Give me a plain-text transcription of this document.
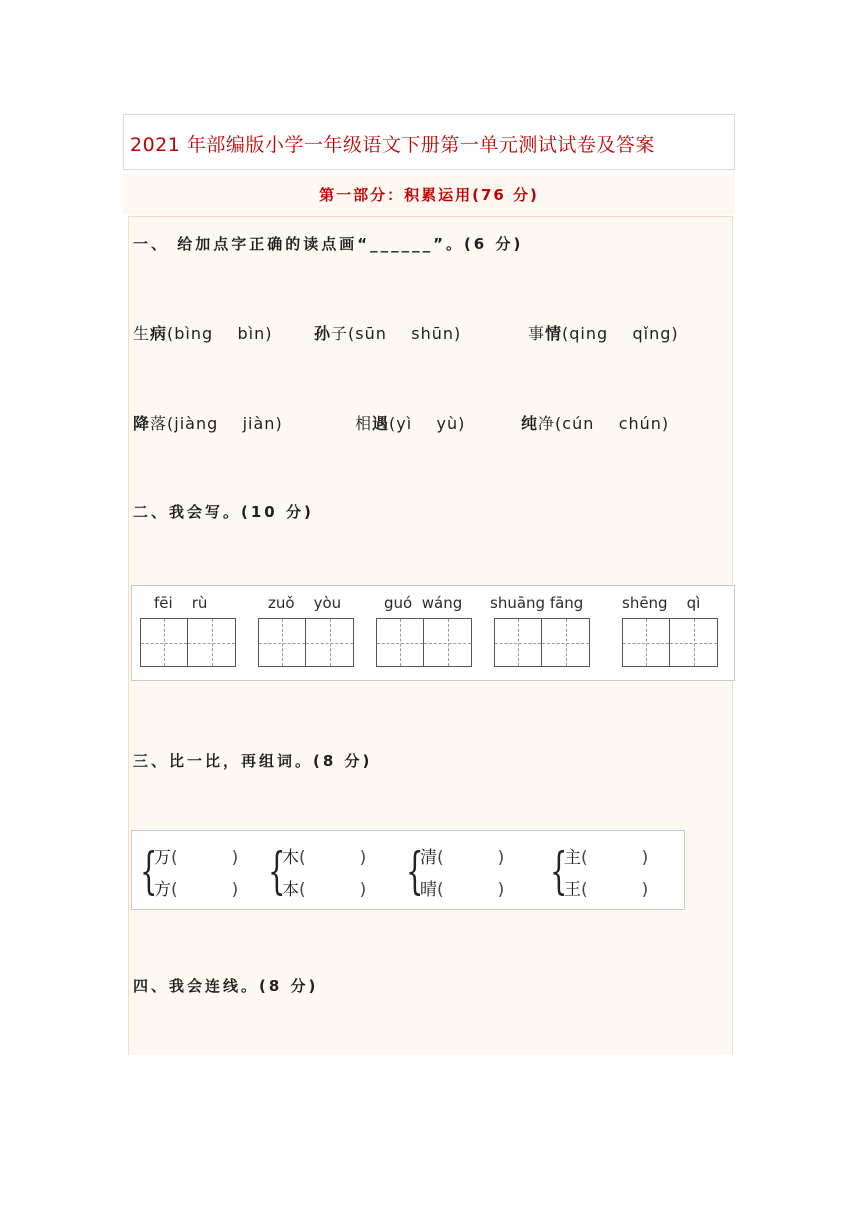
2021 年部编版小学一年级语文下册第一单元测试试卷及答案
第一部分：积累运用(76 分)
一、 给加点字正确的读点画“______”。(6 分)
生病(bìng    bìn)	孙子(sūn    shūn)	事情(qing    qǐng)
降落(jiàng    jiàn)	相遇(yì    yù)	纯净(cún    chún)
二、我会写。(10 分)
fēi    rù	zuǒ    yòu	guó  wáng shuāng fāng	shēng    qì
三、比一比，再组词。(8 分)
{
万(          )
方(          ) {
木(          )
本(          ) {
清(          )
晴(          ) {
主(          )
王(          )
四、我会连线。(8 分)
